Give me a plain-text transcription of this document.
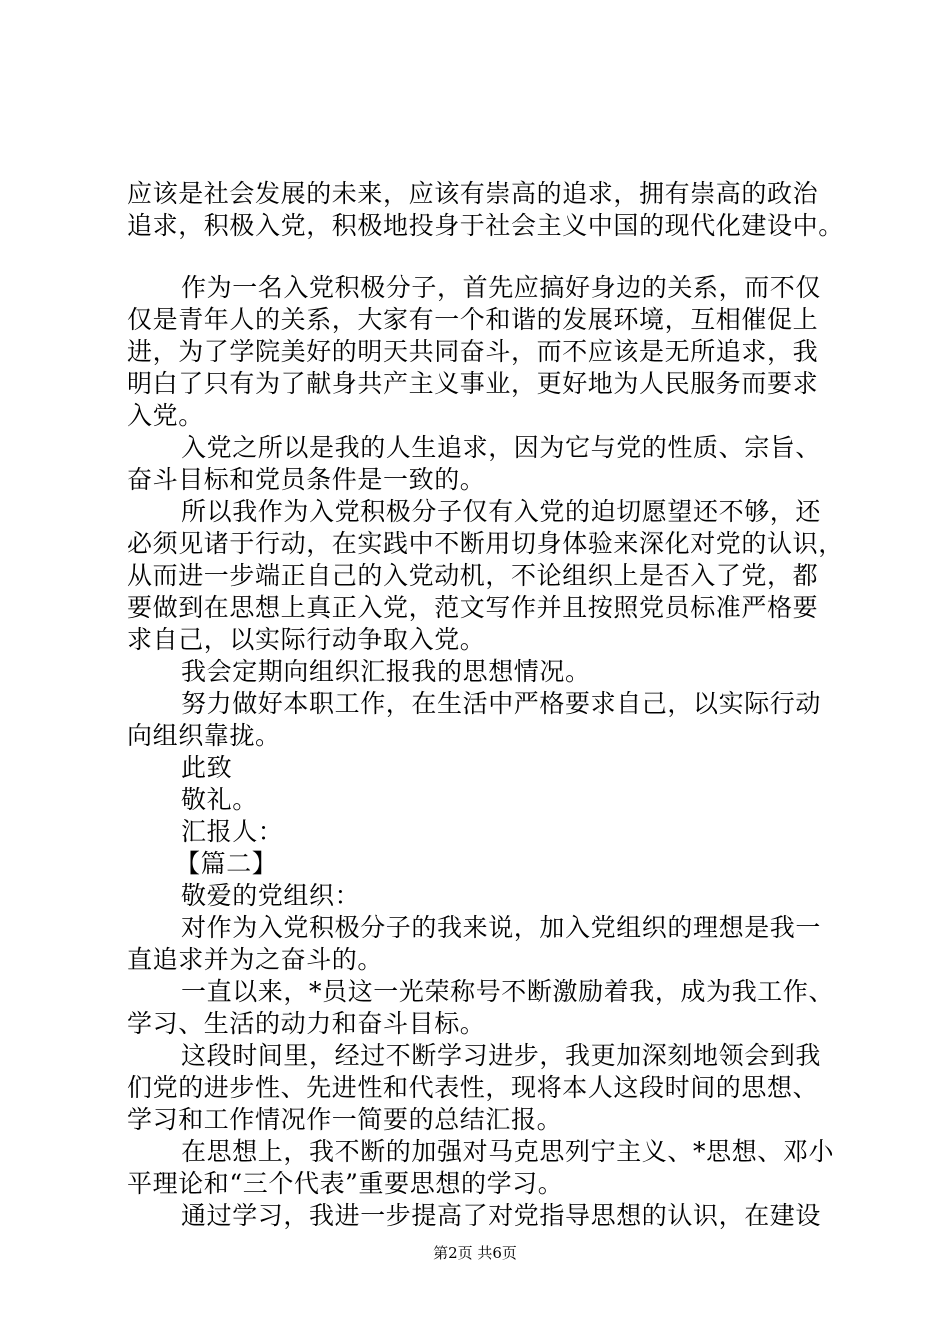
应该是社会发展的未来，应该有崇高的追求，拥有崇高的政治
追求，积极入党，积极地投身于社会主义中国的现代化建设中。
作为一名入党积极分子，首先应搞好身边的关系，而不仅
仅是青年人的关系，大家有一个和谐的发展环境，互相催促上
进，为了学院美好的明天共同奋斗，而不应该是无所追求，我
明白了只有为了献身共产主义事业，更好地为人民服务而要求
入党。
入党之所以是我的人生追求，因为它与党的性质、宗旨、
奋斗目标和党员条件是一致的。
所以我作为入党积极分子仅有入党的迫切愿望还不够，还
必须见诸于行动，在实践中不断用切身体验来深化对党的认识，
从而进一步端正自己的入党动机，不论组织上是否入了党，都
要做到在思想上真正入党，范文写作并且按照党员标准严格要
求自己，以实际行动争取入党。
我会定期向组织汇报我的思想情况。
努力做好本职工作，在生活中严格要求自己，以实际行动
向组织靠拢。
此致
敬礼。
汇报人：
【篇二】
敬爱的党组织：
对作为入党积极分子的我来说，加入党组织的理想是我一
直追求并为之奋斗的。
一直以来，*员这一光荣称号不断激励着我，成为我工作、
学习、生活的动力和奋斗目标。
这段时间里，经过不断学习进步，我更加深刻地领会到我
们党的进步性、先进性和代表性，现将本人这段时间的思想、
学习和工作情况作一简要的总结汇报。
在思想上，我不断的加强对马克思列宁主义、*思想、邓小
平理论和“三个代表”重要思想的学习。
通过学习，我进一步提高了对党指导思想的认识，在建设
第2页 共6页
